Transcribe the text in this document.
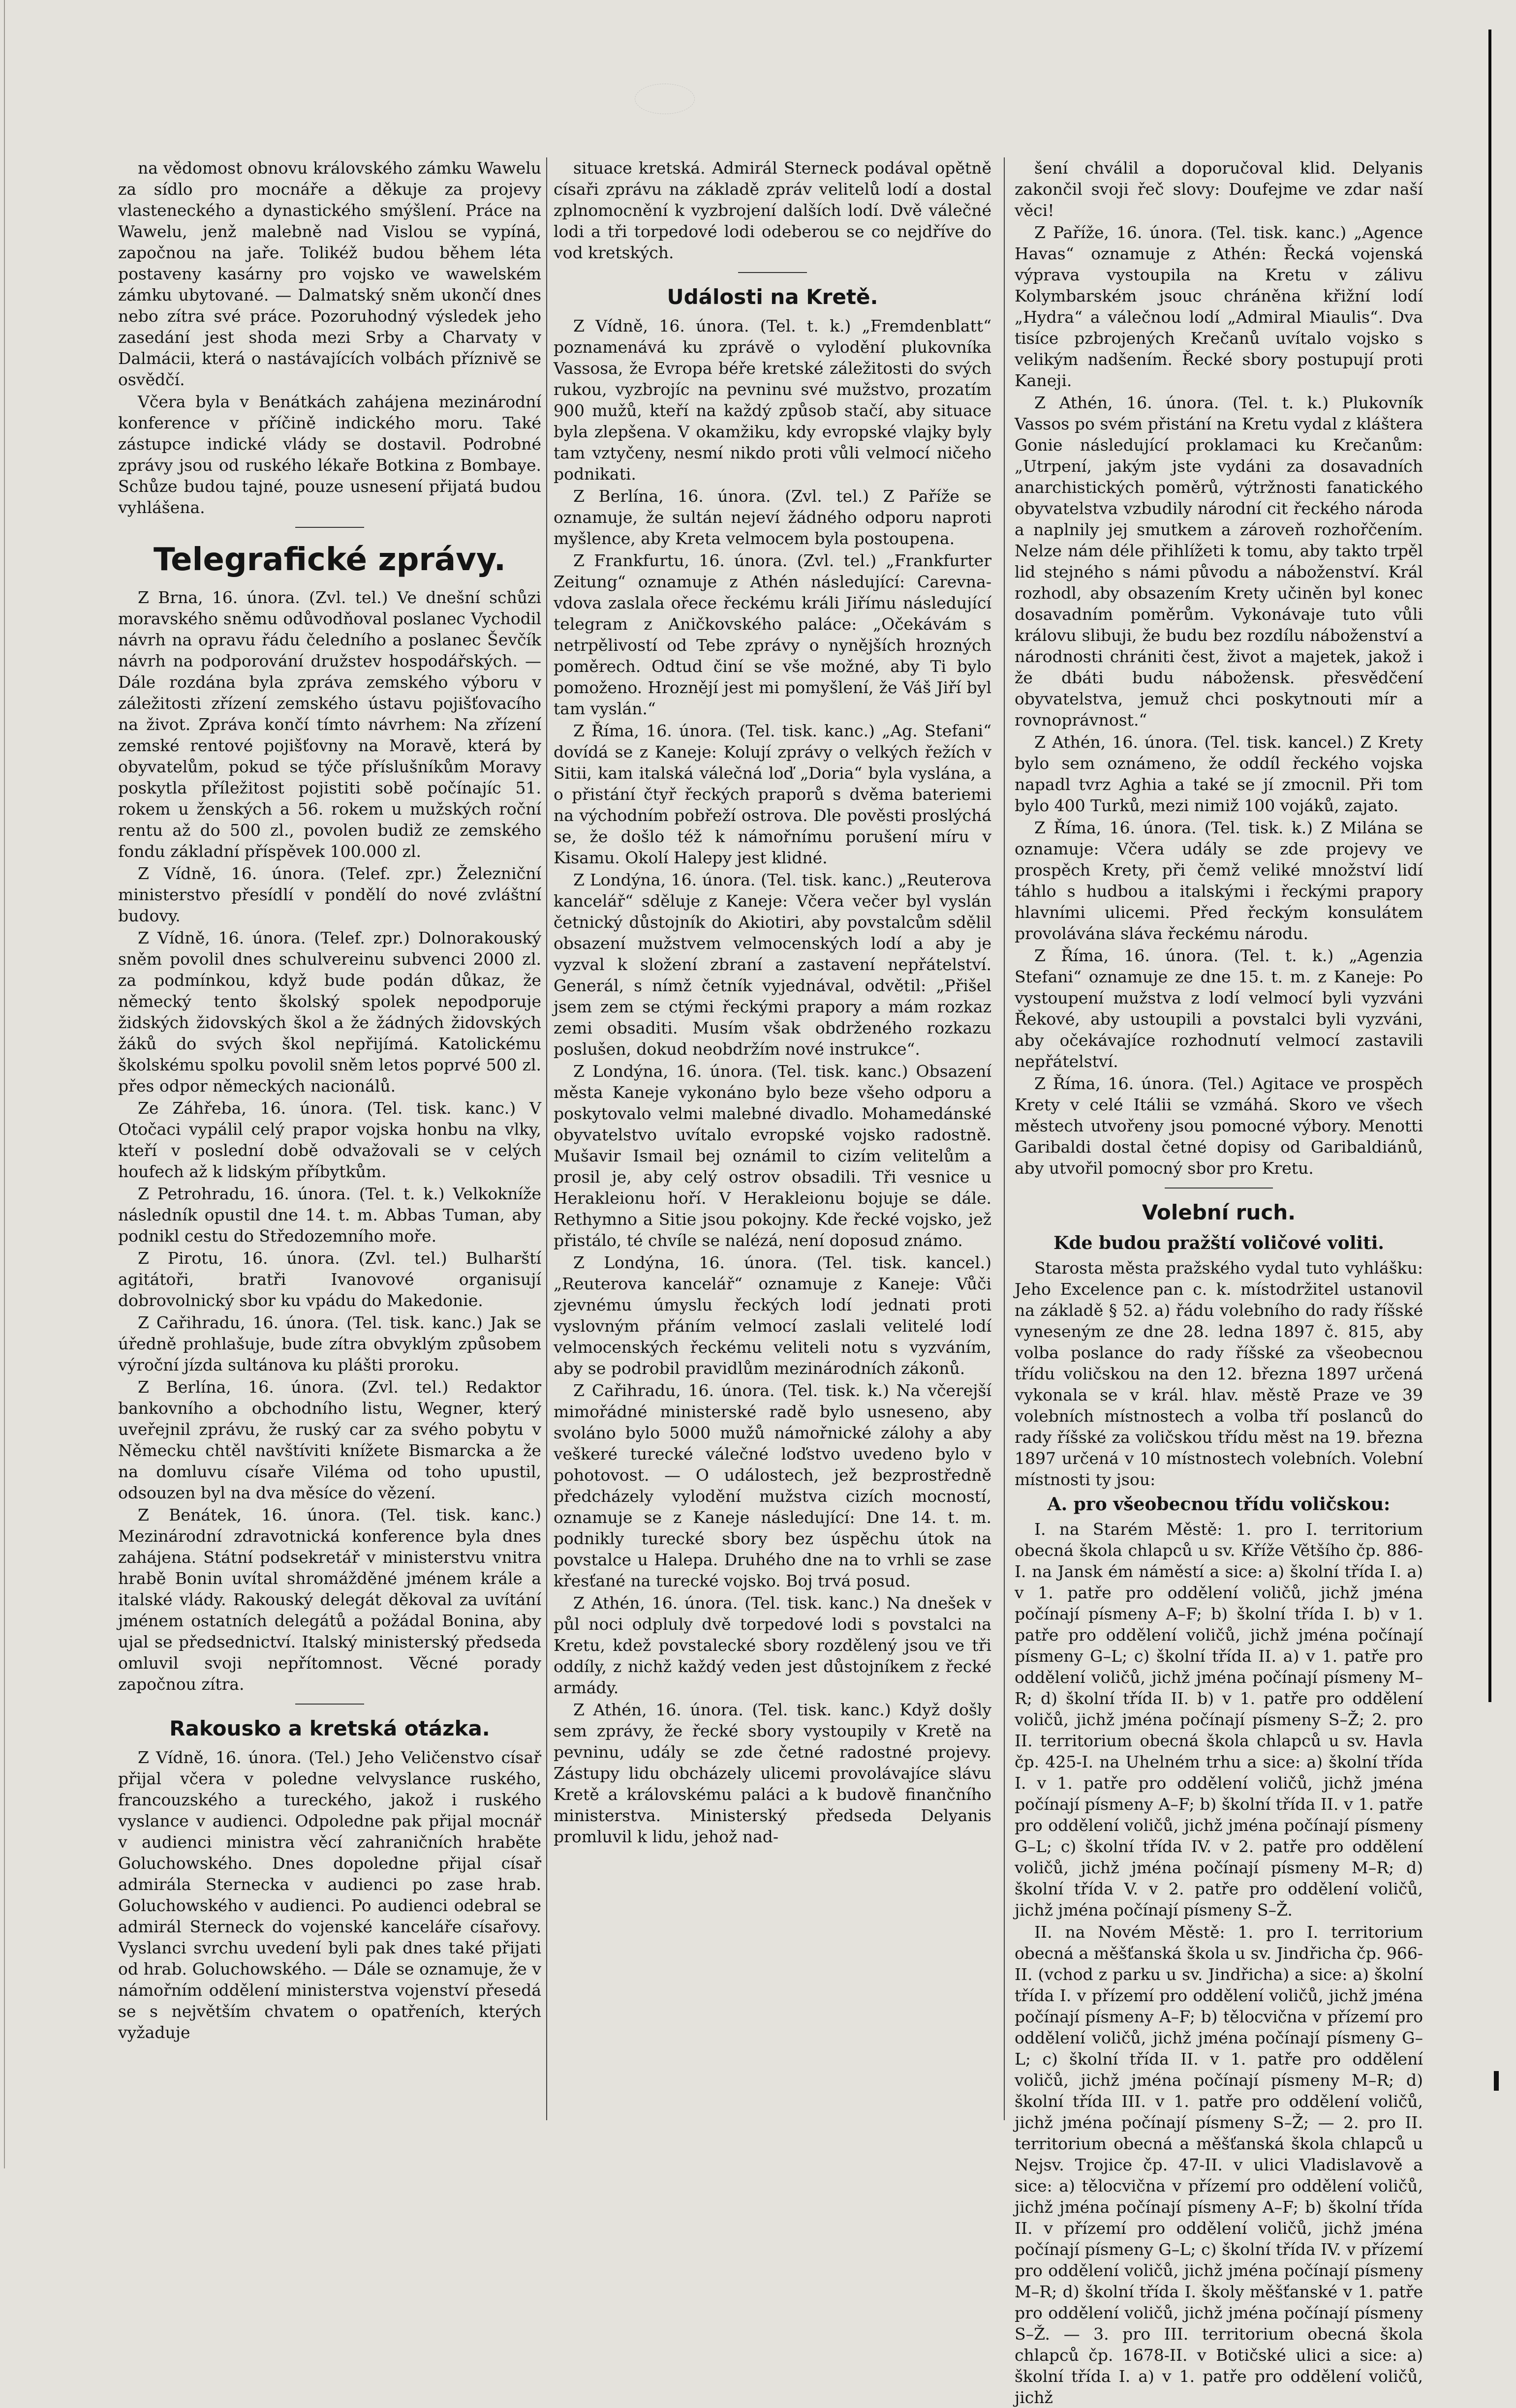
na vědomost obnovu královského zámku Wawelu za sídlo pro mocnáře a děkuje za projevy vlasteneckého a dynastického smýšlení. Práce na Wawelu, jenž malebně nad Vislou se vypíná, započnou na jaře. Tolikéž budou během léta postaveny kasárny pro vojsko ve wawelském zámku ubytované. — Dalmatský sněm ukončí dnes nebo zítra své práce. Pozoruhodný výsledek jeho zasedání jest shoda mezi Srby a Charvaty v Dalmácii, která o nastávajících volbách příznivě se osvědčí.

Včera byla v Benátkách zahájena mezinárodní konference v příčině indického moru. Také zástupce indické vlády se dostavil. Podrobné zprávy jsou od ruského lékaře Botkina z Bombaye. Schůze budou tajné, pouze usnesení přijatá budou vyhlášena.

Telegrafické zprávy.

Z Brna, 16. února. (Zvl. tel.) Ve dnešní schůzi moravského sněmu odůvodňoval poslanec Vychodil návrh na opravu řádu čeledního a poslanec Ševčík návrh na podporování družstev hospodářských. — Dále rozdána byla zpráva zemského výboru v záležitosti zřízení zemského ústavu pojišťovacího na život. Zpráva končí tímto návrhem: Na zřízení zemské rentové pojišťovny na Moravě, která by obyvatelům, pokud se týče příslušníkům Moravy poskytla příležitost pojistiti sobě počínajíc 51. rokem u ženských a 56. rokem u mužských roční rentu až do 500 zl., povolen budiž ze zemského fondu základní příspěvek 100.000 zl.

Z Vídně, 16. února. (Telef. zpr.) Železniční ministerstvo přesídlí v pondělí do nové zvláštní budovy.

Z Vídně, 16. února. (Telef. zpr.) Dolnorakouský sněm povolil dnes schulvereinu subvenci 2000 zl. za podmínkou, když bude podán důkaz, že německý tento školský spolek nepodporuje židských židovských škol a že žádných židovských žáků do svých škol nepřijímá. Katolickému školskému spolku povolil sněm letos poprvé 500 zl. přes odpor německých nacionálů.

Ze Záhřeba, 16. února. (Tel. tisk. kanc.) V Otočaci vypálil celý prapor vojska honbu na vlky, kteří v poslední době odvažovali se v celých houfech až k lidským příbytkům.

Z Petrohradu, 16. února. (Tel. t. k.) Velkokníže následník opustil dne 14. t. m. Abbas Tuman, aby podnikl cestu do Středozemního moře.

Z Pirotu, 16. února. (Zvl. tel.) Bulharští agitátoři, bratři Ivanovové organisují dobrovolnický sbor ku vpádu do Makedonie.

Z Cařihradu, 16. února. (Tel. tisk. kanc.) Jak se úředně prohlašuje, bude zítra obvyklým způsobem výroční jízda sultánova ku plášti proroku.

Z Berlína, 16. února. (Zvl. tel.) Redaktor bankovního a obchodního listu, Wegner, který uveřejnil zprávu, že ruský car za svého pobytu v Německu chtěl navštíviti knížete Bismarcka a že na domluvu císaře Viléma od toho upustil, odsouzen byl na dva měsíce do vězení.

Z Benátek, 16. února. (Tel. tisk. kanc.) Mezinárodní zdravotnická konference byla dnes zahájena. Státní podsekretář v ministerstvu vnitra hrabě Bonin uvítal shromážděné jménem krále a italské vlády. Rakouský delegát děkoval za uvítání jménem ostatních delegátů a požádal Bonina, aby ujal se předsednictví. Italský ministerský předseda omluvil svoji nepřítomnost. Věcné porady započnou zítra.

Rakousko a kretská otázka.

Z Vídně, 16. února. (Tel.) Jeho Veličenstvo císař přijal včera v poledne velvyslance ruského, francouzského a tureckého, jakož i ruského vyslance v audienci. Odpoledne pak přijal mocnář v audienci ministra věcí zahraničních hraběte Goluchowského. Dnes dopoledne přijal císař admirála Sterneckа v audienci po zase hrab. Goluchowského v audienci. Po audienci odebral se admirál Sterneck do vojenské kanceláře císařovy. Vyslanci svrchu uvedení byli pak dnes také přijati od hrab. Goluchowského. — Dále se oznamuje, že v námořním oddělení ministerstva vojenství přesedá se s největším chvatem o opatřeních, kterých vyžaduje

situace kretská. Admirál Sterneck podával opětně císaři zprávu na základě zpráv velitelů lodí a dostal zplnomocnění k vyzbrojení dalších lodí. Dvě válečné lodi a tři torpedové lodi odeberou se co nejdříve do vod kretských.

Události na Kretě.

Z Vídně, 16. února. (Tel. t. k.) „Fremdenblatt“ poznamenává ku zprávě o vylodění plukovníka Vassosa, že Evropa béře kretské záležitosti do svých rukou, vyzbrojíc na pevninu své mužstvo, prozatím 900 mužů, kteří na každý způsob stačí, aby situace byla zlepšena. V okamžiku, kdy evropské vlajky byly tam vztyčeny, nesmí nikdo proti vůli velmocí ničeho podnikati.

Z Berlína, 16. února. (Zvl. tel.) Z Paříže se oznamuje, že sultán nejeví žádného odporu naproti myšlence, aby Kreta velmocem byla postoupena.

Z Frankfurtu, 16. února. (Zvl. tel.) „Frankfurter Zeitung“ oznamuje z Athén následující: Carevna-vdova zaslala ořece řeckému králi Jiřímu následující telegram z Aničkovského paláce: „Očekávám s netrpělivostí od Tebe zprávy o nynějších hrozných poměrech. Odtud činí se vše možné, aby Ti bylo pomoženo. Hroznějí jest mi pomyšlení, že Váš Jiří byl tam vyslán.“

Z Říma, 16. února. (Tel. tisk. kanc.) „Ag. Stefani“ dovídá se z Kaneje: Kolují zprávy o velkých řežích v Sitii, kam italská válečná loď „Doria“ byla vyslána, a o přistání čtyř řeckých praporů s dvěma bateriemi na východním pobřeží ostrova. Dle pověsti proslýchá se, že došlo též k námořnímu porušení míru v Kisamu. Okolí Halepy jest klidné.

Z Londýna, 16. února. (Tel. tisk. kanc.) „Reuterova kancelář“ sděluje z Kaneje: Včera večer byl vyslán četnický důstojník do Akiotiri, aby povstalcům sdělil obsazení mužstvem velmocenských lodí a aby je vyzval k složení zbraní a zastavení nepřátelství. Generál, s nímž četník vyjednával, odvětil: „Přišel jsem zem se ctými řeckými prapory a mám rozkaz zemi obsaditi. Musím však obdrženého rozkazu poslušen, dokud neobdržím nové instrukce“.

Z Londýna, 16. února. (Tel. tisk. kanc.) Obsazení města Kaneje vykonáno bylo beze všeho odporu a poskytovalo velmi malebné divadlo. Mohamedánské obyvatelstvo uvítalo evropské vojsko radostně. Mušavir Ismail bej oznámil to cizím velitelům a prosil je, aby celý ostrov obsadili. Tři vesnice u Herakleionu hoří. V Herakleionu bojuje se dále. Rethymno a Sitie jsou pokojny. Kde řecké vojsko, jež přistálo, té chvíle se nalézá, není doposud známo.

Z Londýna, 16. února. (Tel. tisk. kancel.) „Reuterova kancelář“ oznamuje z Kaneje: Vůči zjevnému úmyslu řeckých lodí jednati proti vyslovným přáním velmocí zaslali velitelé lodí velmocenských řeckému veliteli notu s vyzváním, aby se podrobil pravidlům mezinárodních zákonů.

Z Cařihradu, 16. února. (Tel. tisk. k.) Na včerejší mimořádné ministerské radě bylo usneseno, aby svoláno bylo 5000 mužů námořnické zálohy a aby veškeré turecké válečné loďstvo uvedeno bylo v pohotovost. — O událostech, jež bezprostředně předcházely vylodění mužstva cizích mocností, oznamuje se z Kaneje následující: Dne 14. t. m. podnikly turecké sbory bez úspěchu útok na povstalce u Halepa. Druhého dne na to vrhli se zase křesťané na turecké vojsko. Boj trvá posud.

Z Athén, 16. února. (Tel. tisk. kanc.) Na dnešek v půl noci odpluly dvě torpedové lodi s povstalci na Kretu, kdež povstalecké sbory rozdělený jsou ve tři oddíly, z nichž každý veden jest důstojníkem z řecké armády.

Z Athén, 16. února. (Tel. tisk. kanc.) Když došly sem zprávy, že řecké sbory vystoupily v Kretě na pevninu, udály se zde četné radostné projevy. Zástupy lidu obcházely ulicemi provolávajíce slávu Kretě a královskému paláci a k budově finančního ministerstva. Ministerský předseda Delyanis promluvil k lidu, jehož nad-

šení chválil a doporučoval klid. Delyanis zakončil svoji řeč slovy: Doufejme ve zdar naší věci!

Z Paříže, 16. února. (Tel. tisk. kanc.) „Agence Havas“ oznamuje z Athén: Řecká vojenská výprava vystoupila na Kretu v zálivu Kolymbarském jsouc chráněna křižní lodí „Hydra“ a válečnou lodí „Admiral Miaulis“. Dva tisíce pzbrojených Krečanů uvítalo vojsko s velikým nadšením. Řecké sbory postupují proti Kaneji.

Z Athén, 16. února. (Tel. t. k.) Plukovník Vassos po svém přistání na Kretu vydal z kláštera Gonie následující proklamaci ku Krečanům: „Utrpení, jakým jste vydáni za dosavadních anarchistických poměrů, výtržnosti fanatického obyvatelstva vzbudily národní cit řeckého národa a naplnily jej smutkem a zároveň rozhořčením. Nelze nám déle přihlížeti k tomu, aby takto trpěl lid stejného s námi původu a náboženství. Král rozhodl, aby obsazením Krety učiněn byl konec dosavadním poměrům. Vykonávaje tuto vůli královu slibuji, že budu bez rozdílu náboženství a národnosti chrániti čest, život a majetek, jakož i že dbáti budu nábožensk. přesvědčení obyvatelstva, jemuž chci poskytnouti mír a rovnoprávnost.“

Z Athén, 16. února. (Tel. tisk. kancel.) Z Krety bylo sem oznámeno, že oddíl řeckého vojska napadl tvrz Aghia a také se jí zmocnil. Při tom bylo 400 Turků, mezi nimiž 100 vojáků, zajato.

Z Říma, 16. února. (Tel. tisk. k.) Z Milána se oznamuje: Včera udály se zde projevy ve prospěch Krety, při čemž veliké množství lidí táhlo s hudbou a italskými i řeckými prapory hlavními ulicemi. Před řeckým konsulátem provolávána sláva řeckému národu.

Z Říma, 16. února. (Tel. t. k.) „Agenzia Stefani“ oznamuje ze dne 15. t. m. z Kaneje: Po vystoupení mužstva z lodí velmocí byli vyzváni Řekové, aby ustoupili a povstalci byli vyzváni, aby očekávajíce rozhodnutí velmocí zastavili nepřátelství.

Z Říma, 16. února. (Tel.) Agitace ve prospěch Krety v celé Itálii se vzmáhá. Skoro ve všech městech utvořeny jsou pomocné výbory. Menotti Garibaldi dostal četné dopisy od Garibaldiánů, aby utvořil pomocný sbor pro Kretu.

Volební ruch.
Kde budou pražští voličové voliti.

Starosta města pražského vydal tuto vyhlášku: Jeho Excelence pan c. k. místodržitel ustanovil na základě § 52. a) řádu volebního do rady říšské vyneseným ze dne 28. ledna 1897 č. 815, aby volba poslance do rady říšské za všeobecnou třídu voličskou na den 12. března 1897 určená vykonala se v král. hlav. městě Praze ve 39 volebních místnostech a volba tří poslanců do rady říšské za voličskou třídu měst na 19. března 1897 určená v 10 místnostech volebních. Volební místnosti ty jsou:

A. pro všeobecnou třídu voličskou:

I. na Starém Městě: 1. pro I. territorium obecná škola chlapců u sv. Kříže Většího čp. 886-I. na Jansk ém náměstí a sice: a) školní třída I. a) v 1. patře pro oddělení voličů, jichž jména počínají písmeny A–F; b) školní třída I. b) v 1. patře pro oddělení voličů, jichž jména počínají písmeny G–L; c) školní třída II. a) v 1. patře pro oddělení voličů, jichž jména počínají písmeny M–R; d) školní třída II. b) v 1. patře pro oddělení voličů, jichž jména počínají písmeny S–Ž; 2. pro II. territorium obecná škola chlapců u sv. Havla čp. 425-I. na Uhelném trhu a sice: a) školní třída I. v 1. patře pro oddělení voličů, jichž jména počínají písmeny A–F; b) školní třída II. v 1. patře pro oddělení voličů, jichž jména počínají písmeny G–L; c) školní třída IV. v 2. patře pro oddělení voličů, jichž jména počínají písmeny M–R; d) školní třída V. v 2. patře pro oddělení voličů, jichž jména počínají písmeny S–Ž.

II. na Novém Městě: 1. pro I. territorium obecná a měšťanská škola u sv. Jindřicha čp. 966-II. (vchod z parku u sv. Jindřicha) a sice: a) školní třída I. v přízemí pro oddělení voličů, jichž jména počínají písmeny A–F; b) tělocvična v přízemí pro oddělení voličů, jichž jména počínají písmeny G–L; c) školní třída II. v 1. patře pro oddělení voličů, jichž jména počínají písmeny M–R; d) školní třída III. v 1. patře pro oddělení voličů, jichž jména počínají písmeny S–Ž; — 2. pro II. territorium obecná a měšťanská škola chlapců u Nejsv. Trojice čp. 47-II. v ulici Vladislavově a sice: a) tělocvična v přízemí pro oddělení voličů, jichž jména počínají písmeny A–F; b) školní třída II. v přízemí pro oddělení voličů, jichž jména počínají písmeny G–L; c) školní třída IV. v přízemí pro oddělení voličů, jichž jména počínají písmeny M–R; d) školní třída I. školy měšťanské v 1. patře pro oddělení voličů, jichž jména počínají písmeny S–Ž. — 3. pro III. territorium obecná škola chlapců čp. 1678-II. v Botičské ulici a sice: a) školní třída I. a) v 1. patře pro oddělení voličů, jichž
